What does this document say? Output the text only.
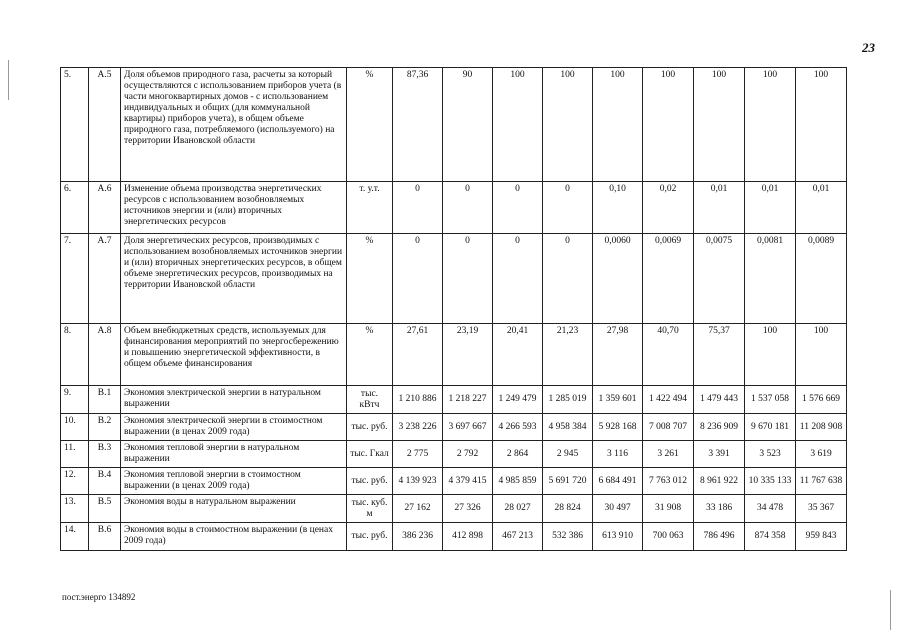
23
5.	А.5	Доля объемов природного газа, расчеты за который осуществляются с использованием приборов учета (в части многоквартирных домов - с использованием индивидуальных и общих (для коммунальной квартиры) приборов учета), в общем объеме природного газа, потребляемого (используемого) на территории Ивановской области	%	87,36	90	100	100	100	100	100	100	100
6.	А.6	Изменение объема производства энергетических ресурсов с использованием возобновляемых источников энергии и (или) вторичных энергетических ресурсов	т. у.т.	0	0	0	0	0,10	0,02	0,01	0,01	0,01
7.	А.7	Доля энергетических ресурсов, производимых с использованием возобновляемых источников энергии и (или) вторичных энергетических ресурсов, в общем объеме энергетических ресурсов, производимых на территории Ивановской области	%	0	0	0	0	0,0060	0,0069	0,0075	0,0081	0,0089
8.	А.8	Объем внебюджетных средств, используемых для финансирования мероприятий по энергосбережению и повышению энергетической эффективности, в общем объеме финансирования	%	27,61	23,19	20,41	21,23	27,98	40,70	75,37	100	100
9.	В.1	Экономия электрической энергии в натуральном выражении	тыс. кВтч	1 210 886	1 218 227	1 249 479	1 285 019	1 359 601	1 422 494	1 479 443	1 537 058	1 576 669
10.	В.2	Экономия электрической энергии в стоимостном выражении (в ценах 2009 года)	тыс. руб.	3 238 226	3 697 667	4 266 593	4 958 384	5 928 168	7 008 707	8 236 909	9 670 181	11 208 908
11.	В.3	Экономия тепловой энергии в натуральном выражении	тыс. Гкал	2 775	2 792	2 864	2 945	3 116	3 261	3 391	3 523	3 619
12.	В.4	Экономия тепловой энергии в стоимостном выражении (в ценах 2009 года)	тыс. руб.	4 139 923	4 379 415	4 985 859	5 691 720	6 684 491	7 763 012	8 961 922	10 335 133	11 767 638
13.	В.5	Экономия воды в натуральном выражении	тыс. куб. м	27 162	27 326	28 027	28 824	30 497	31 908	33 186	34 478	35 367
14.	В.6	Экономия воды в стоимостном выражении (в ценах 2009 года)	тыс. руб.	386 236	412 898	467 213	532 386	613 910	700 063	786 496	874 358	959 843
пост.энерго 134892
